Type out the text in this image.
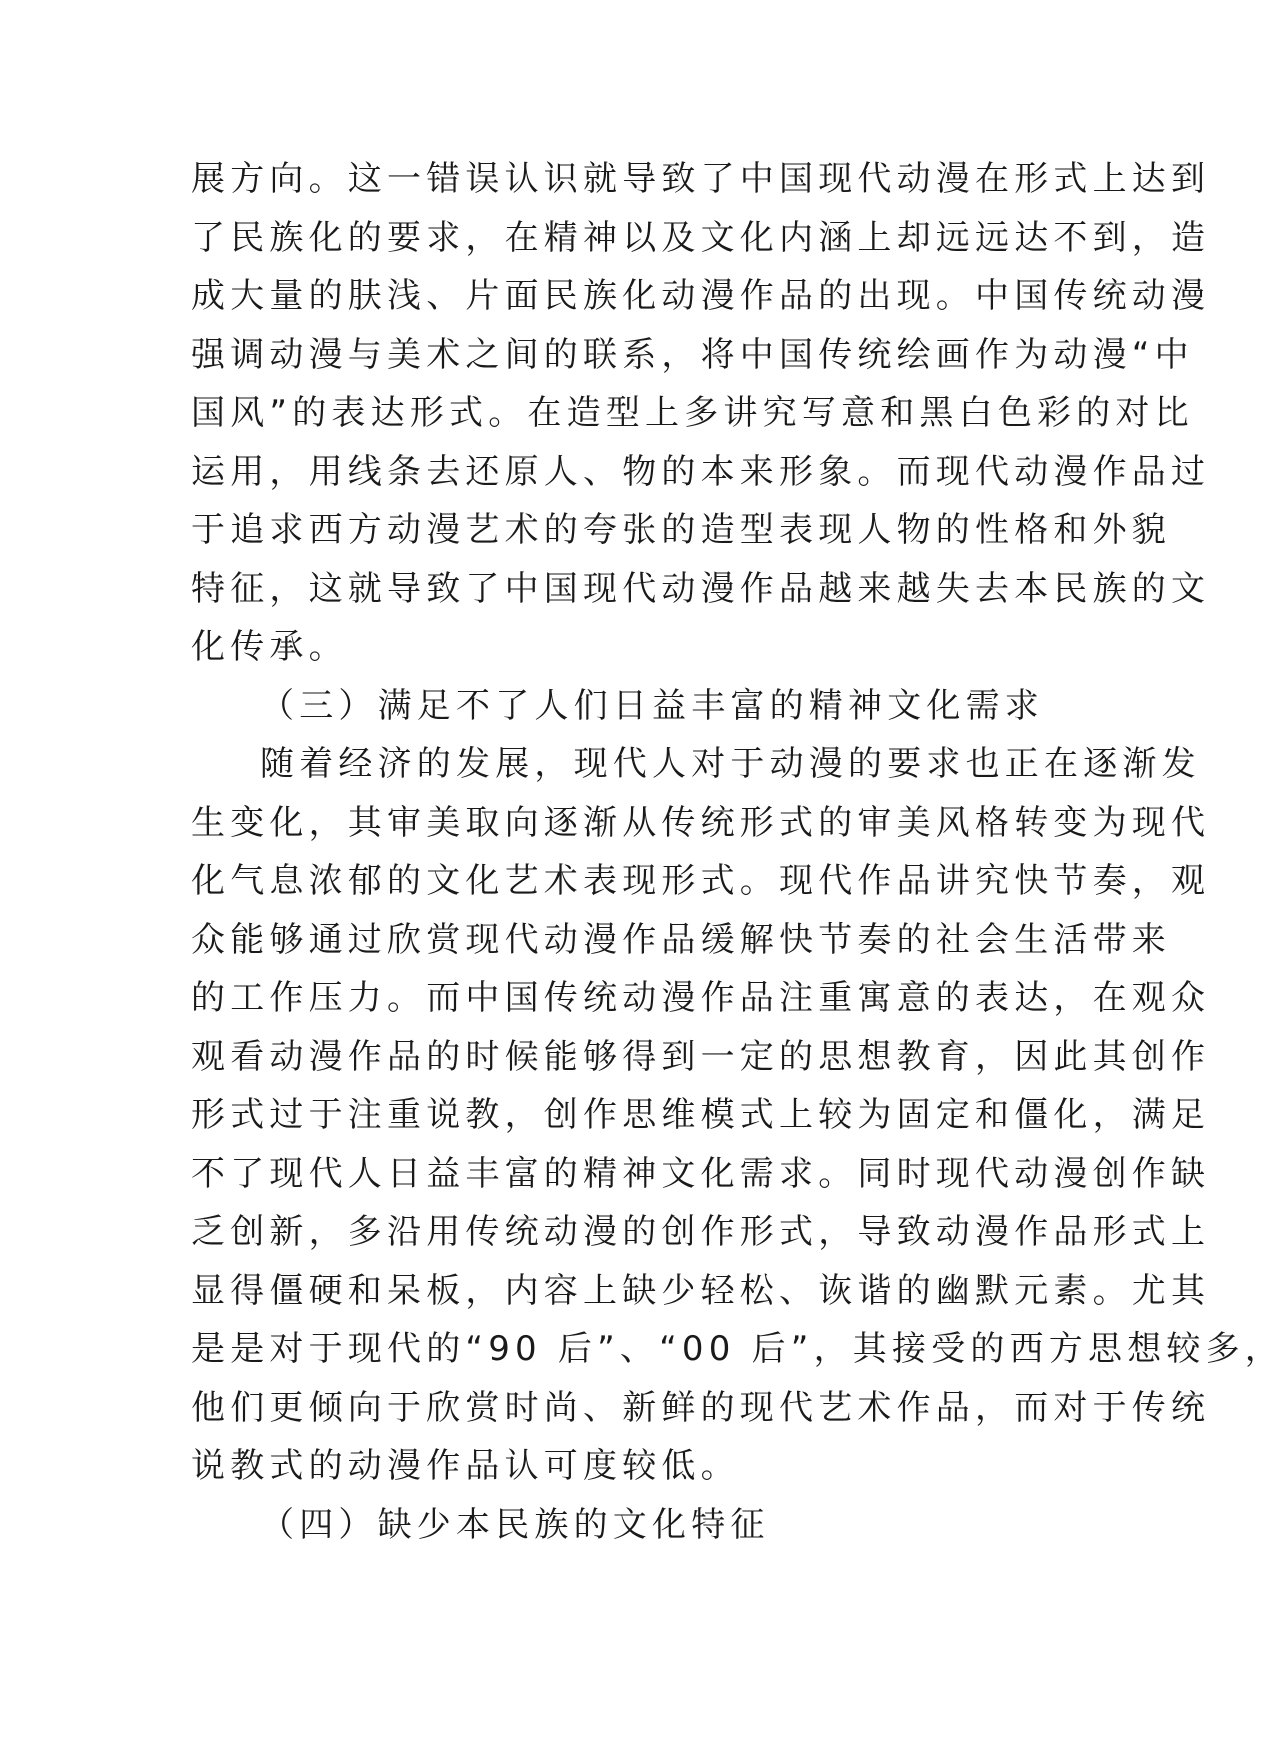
展方向。这一错误认识就导致了中国现代动漫在形式上达到
了民族化的要求，在精神以及文化内涵上却远远达不到，造
成大量的肤浅、片面民族化动漫作品的出现。中国传统动漫
强调动漫与美术之间的联系，将中国传统绘画作为动漫“中
国风”的表达形式。在造型上多讲究写意和黑白色彩的对比
运用，用线条去还原人、物的本来形象。而现代动漫作品过
于追求西方动漫艺术的夸张的造型表现人物的性格和外貌
特征，这就导致了中国现代动漫作品越来越失去本民族的文
化传承。
（三）满足不了人们日益丰富的精神文化需求
随着经济的发展，现代人对于动漫的要求也正在逐渐发
生变化，其审美取向逐渐从传统形式的审美风格转变为现代
化气息浓郁的文化艺术表现形式。现代作品讲究快节奏，观
众能够通过欣赏现代动漫作品缓解快节奏的社会生活带来
的工作压力。而中国传统动漫作品注重寓意的表达，在观众
观看动漫作品的时候能够得到一定的思想教育，因此其创作
形式过于注重说教，创作思维模式上较为固定和僵化，满足
不了现代人日益丰富的精神文化需求。同时现代动漫创作缺
乏创新，多沿用传统动漫的创作形式，导致动漫作品形式上
显得僵硬和呆板，内容上缺少轻松、诙谐的幽默元素。尤其
是是对于现代的“90 后”、“00 后”，其接受的西方思想较多，
他们更倾向于欣赏时尚、新鲜的现代艺术作品，而对于传统
说教式的动漫作品认可度较低。
（四）缺少本民族的文化特征
